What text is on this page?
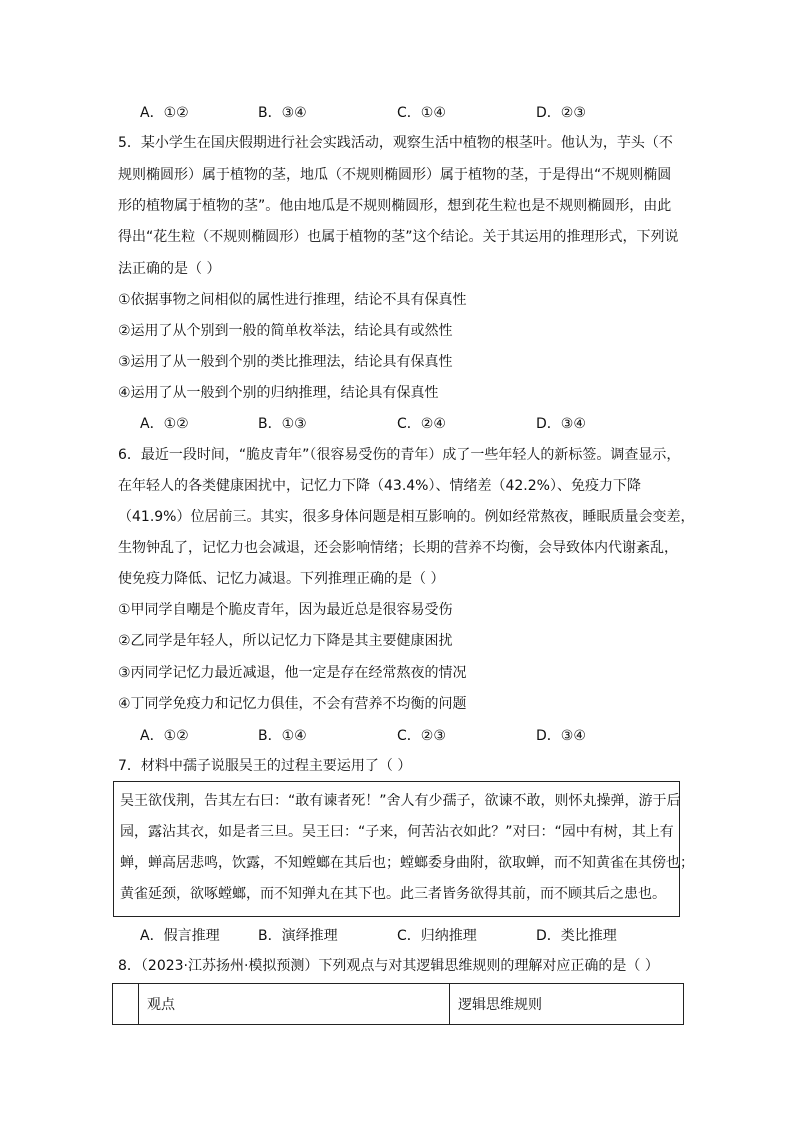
A．①②	B．③④	C．①④	D．②③
5．某小学生在国庆假期进行社会实践活动，观察生活中植物的根茎叶。他认为，芋头（不
规则椭圆形）属于植物的茎，地瓜（不规则椭圆形）属于植物的茎，于是得出“不规则椭圆
形的植物属于植物的茎”。他由地瓜是不规则椭圆形，想到花生粒也是不规则椭圆形，由此
得出“花生粒（不规则椭圆形）也属于植物的茎”这个结论。关于其运用的推理形式，下列说
法正确的是（ ）
①依据事物之间相似的属性进行推理，结论不具有保真性
②运用了从个别到一般的简单枚举法，结论具有或然性
③运用了从一般到个别的类比推理法，结论具有保真性
④运用了从一般到个别的归纳推理，结论具有保真性
A．①②	B．①③	C．②④	D．③④
6．最近一段时间，“脆皮青年”（很容易受伤的青年）成了一些年轻人的新标签。调查显示，
在年轻人的各类健康困扰中，记忆力下降（43.4%）、情绪差（42.2%）、免疫力下降
（41.9%）位居前三。其实，很多身体问题是相互影响的。例如经常熬夜，睡眠质量会变差，
生物钟乱了，记忆力也会减退，还会影响情绪；长期的营养不均衡，会导致体内代谢紊乱，
使免疫力降低、记忆力减退。下列推理正确的是（ ）
①甲同学自嘲是个脆皮青年，因为最近总是很容易受伤
②乙同学是年轻人，所以记忆力下降是其主要健康困扰
③丙同学记忆力最近减退，他一定是存在经常熬夜的情况
④丁同学免疫力和记忆力俱佳，不会有营养不均衡的问题
A．①②	B．①④	C．②③	D．③④
7．材料中孺子说服吴王的过程主要运用了（ ）
吴王欲伐荆，告其左右曰：“敢有谏者死！”舍人有少孺子，欲谏不敢，则怀丸操弹，游于后
园，露沾其衣，如是者三旦。吴王曰：“子来，何苦沾衣如此？”对曰：“园中有树，其上有
蝉，蝉高居悲鸣，饮露，不知螳螂在其后也；螳螂委身曲附，欲取蝉，而不知黄雀在其傍也；
黄雀延颈，欲啄螳螂，而不知弹丸在其下也。此三者皆务欲得其前，而不顾其后之患也。
A．假言推理	B．演绎推理	C．归纳推理	D．类比推理
8．（2023·江苏扬州·模拟预测）下列观点与对其逻辑思维规则的理解对应正确的是（ ）
	观点	逻辑思维规则
